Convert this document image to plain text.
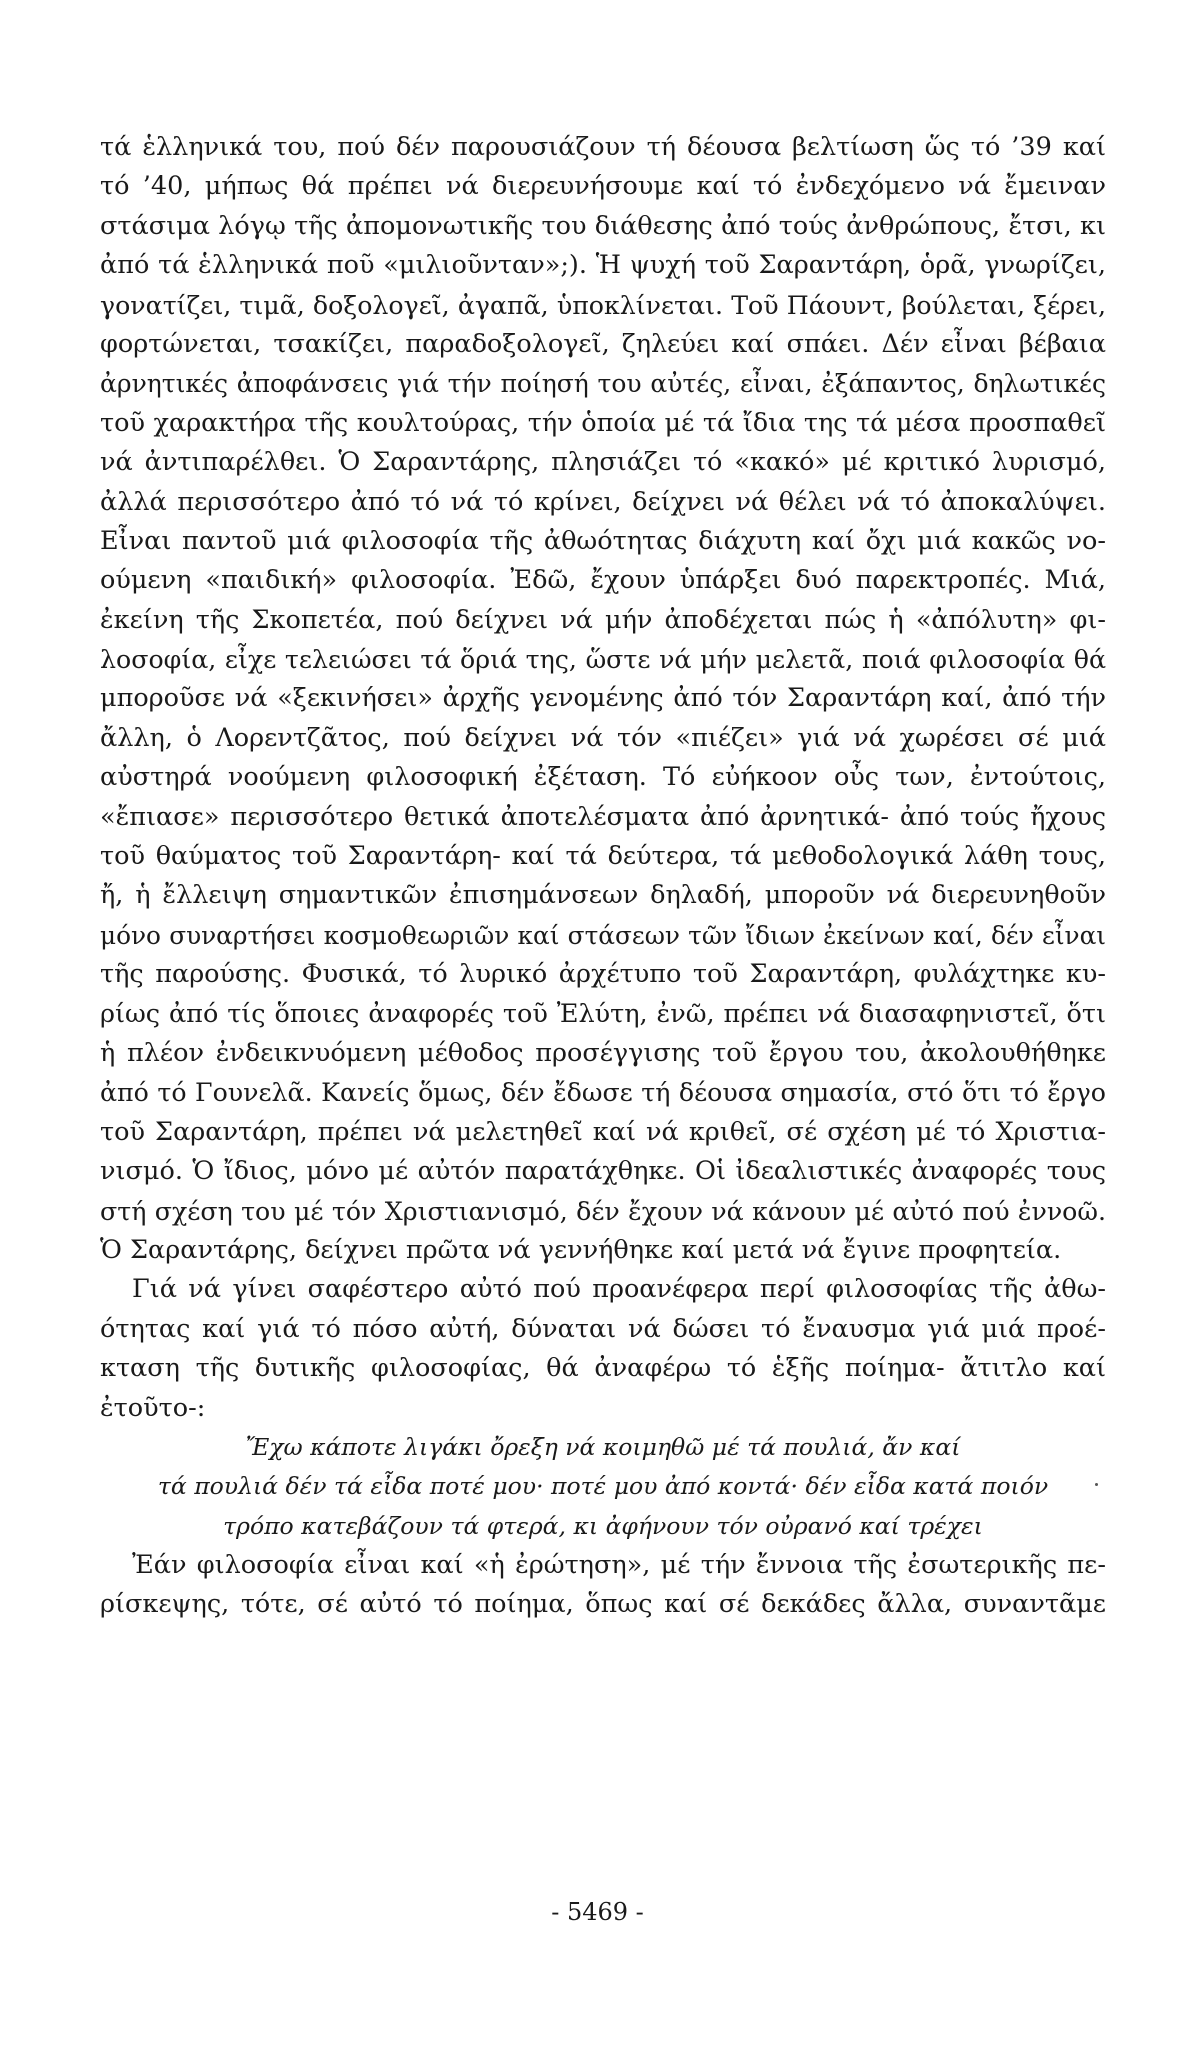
τά ἑλληνικά του, πού δέν παρουσιάζουν τή δέουσα βελτίωση ὥς τό ’39 καί
τό ’40, μήπως θά πρέπει νά διερευνήσουμε καί τό ἐνδεχόμενο νά ἔμειναν
στάσιμα λόγῳ τῆς ἀπομονωτικῆς του διάθεσης ἀπό τούς ἀνθρώπους, ἔτσι, κι
ἀπό τά ἑλληνικά ποῦ «μιλιοῦνταν»;). Ἡ ψυχή τοῦ Σαραντάρη, ὁρᾶ, γνωρίζει,
γονατίζει, τιμᾶ, δοξολογεῖ, ἀγαπᾶ, ὑποκλίνεται. Τοῦ Πάουντ, βούλεται, ξέρει,
φορτώνεται, τσακίζει, παραδοξολογεῖ, ζηλεύει καί σπάει. Δέν εἶναι βέβαια
ἀρνητικές ἀποφάνσεις γιά τήν ποίησή του αὐτές, εἶναι, ἐξάπαντος, δηλωτικές
τοῦ χαρακτήρα τῆς κουλτούρας, τήν ὁποία μέ τά ἴδια της τά μέσα προσπαθεῖ
νά ἀντιπαρέλθει. Ὁ Σαραντάρης, πλησιάζει τό «κακό» μέ κριτικό λυρισμό,
ἀλλά περισσότερο ἀπό τό νά τό κρίνει, δείχνει νά θέλει νά τό ἀποκαλύψει.
Εἶναι παντοῦ μιά φιλοσοφία τῆς ἀθωότητας διάχυτη καί ὄχι μιά κακῶς νο-
ούμενη «παιδική» φιλοσοφία. Ἐδῶ, ἔχουν ὑπάρξει δυό παρεκτροπές. Μιά,
ἐκείνη τῆς Σκοπετέα, πού δείχνει νά μήν ἀποδέχεται πώς ἡ «ἀπόλυτη» φι-
λοσοφία, εἶχε τελειώσει τά ὅριά της, ὥστε νά μήν μελετᾶ, ποιά φιλοσοφία θά
μποροῦσε νά «ξεκινήσει» ἀρχῆς γενομένης ἀπό τόν Σαραντάρη καί, ἀπό τήν
ἄλλη, ὁ Λορεντζᾶτος, πού δείχνει νά τόν «πιέζει» γιά νά χωρέσει σέ μιά
αὐστηρά νοούμενη φιλοσοφική ἐξέταση. Τό εὐήκοον οὖς των, ἐντούτοις,
«ἔπιασε» περισσότερο θετικά ἀποτελέσματα ἀπό ἀρνητικά- ἀπό τούς ἤχους
τοῦ θαύματος τοῦ Σαραντάρη- καί τά δεύτερα, τά μεθοδολογικά λάθη τους,
ἤ, ἡ ἔλλειψη σημαντικῶν ἐπισημάνσεων δηλαδή, μποροῦν νά διερευνηθοῦν
μόνο συναρτήσει κοσμοθεωριῶν καί στάσεων τῶν ἴδιων ἐκείνων καί, δέν εἶναι
τῆς παρούσης. Φυσικά, τό λυρικό ἀρχέτυπο τοῦ Σαραντάρη, φυλάχτηκε κυ-
ρίως ἀπό τίς ὅποιες ἀναφορές τοῦ Ἐλύτη, ἐνῶ, πρέπει νά διασαφηνιστεῖ, ὅτι
ἡ πλέον ἐνδεικνυόμενη μέθοδος προσέγγισης τοῦ ἔργου του, ἀκολουθήθηκε
ἀπό τό Γουνελᾶ. Κανείς ὅμως, δέν ἔδωσε τή δέουσα σημασία, στό ὅτι τό ἔργο
τοῦ Σαραντάρη, πρέπει νά μελετηθεῖ καί νά κριθεῖ, σέ σχέση μέ τό Χριστια-
νισμό. Ὁ ἴδιος, μόνο μέ αὐτόν παρατάχθηκε. Οἱ ἰδεαλιστικές ἀναφορές τους
στή σχέση του μέ τόν Χριστιανισμό, δέν ἔχουν νά κάνουν μέ αὐτό πού ἐννοῶ.
Ὁ Σαραντάρης, δείχνει πρῶτα νά γεννήθηκε καί μετά νά ἔγινε προφητεία.
Γιά νά γίνει σαφέστερο αὐτό πού προανέφερα περί φιλοσοφίας τῆς ἀθω-
ότητας καί γιά τό πόσο αὐτή, δύναται νά δώσει τό ἔναυσμα γιά μιά προέ-
κταση τῆς δυτικῆς φιλοσοφίας, θά ἀναφέρω τό ἑξῆς ποίημα- ἄτιτλο καί
ἐτοῦτο-:
Ἔχω κάποτε λιγάκι ὄρεξη νά κοιμηθῶ μέ τά πουλιά, ἄν καί
τά πουλιά δέν τά εἶδα ποτέ μου· ποτέ μου ἀπό κοντά· δέν εἶδα κατά ποιόν
τρόπο κατεβάζουν τά φτερά, κι ἀφήνουν τόν οὐρανό καί τρέχει
Ἐάν φιλοσοφία εἶναι καί «ἡ ἐρώτηση», μέ τήν ἔννοια τῆς ἐσωτερικῆς πε-
ρίσκεψης, τότε, σέ αὐτό τό ποίημα, ὅπως καί σέ δεκάδες ἄλλα, συναντᾶμε
- 5469 -
